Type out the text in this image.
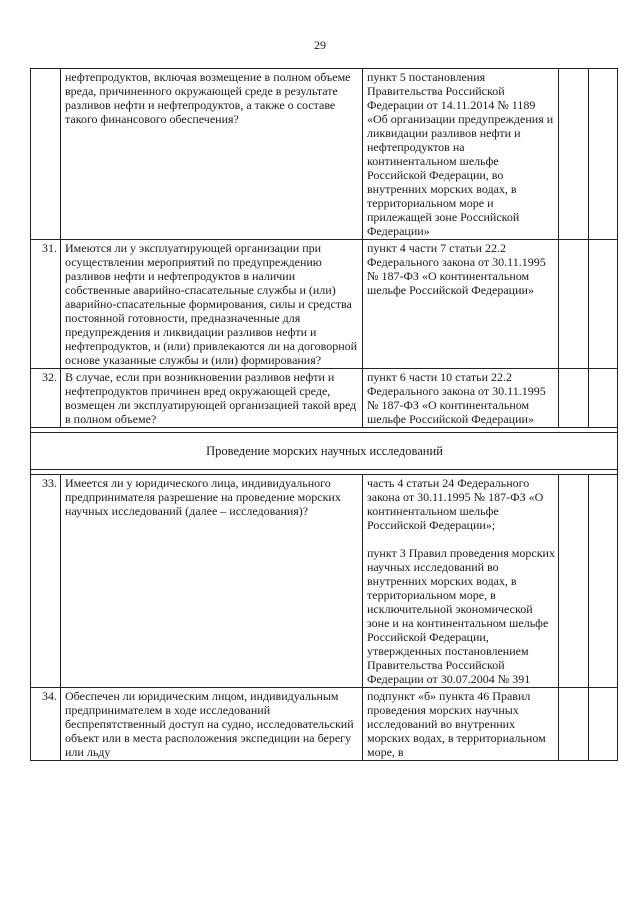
29
	нефтепродуктов, включая возмещение в полном объеме вреда, причиненного окружающей среде в результате разливов нефти и нефтепродуктов, а также о составе такого финансового обеспечения?	пункт 5 постановления Правительства Российской Федерации от 14.11.2014 № 1189 «Об организации предупреждения и ликвидации разливов нефти и нефтепродуктов на континентальном шельфе Российской Федерации, во внутренних морских водах, в территориальном море и прилежащей зоне Российской Федерации»		

31.	Имеются ли у эксплуатирующей организации при осуществлении мероприятий по предупреждению разливов нефти и нефтепродуктов в наличии собственные аварийно-спасательные службы и (или) аварийно-спасательные формирования, силы и средства постоянной готовности, предназначенные для предупреждения и ликвидации разливов нефти и нефтепродуктов, и (или) привлекаются ли на договорной основе указанные службы и (или) формирования?	пункт 4 части 7 статьи 22.2 Федерального закона от 30.11.1995 № 187-ФЗ «О континентальном шельфе Российской Федерации»		

32.	В случае, если при возникновении разливов нефти и нефтепродуктов причинен вред окружающей среде, возмещен ли эксплуатирующей организацией такой вред в полном объеме?	пункт 6 части 10 статьи 22.2 Федерального закона от 30.11.1995 № 187-ФЗ «О континентальном шельфе Российской Федерации»		

Проведение морских научных исследований				

33.	Имеется ли у юридического лица, индивидуального предпринимателя разрешение на проведение морских научных исследований (далее – исследования)?	часть 4 статьи 24 Федерального закона от 30.11.1995 № 187-ФЗ «О континентальном шельфе Российской Федерации»;

пункт 3 Правил проведения морских научных исследований во внутренних морских водах, в территориальном море, в исключительной экономической зоне и на континентальном шельфе Российской Федерации, утвержденных постановлением Правительства Российской Федерации от 30.07.2004 № 391		

34.	Обеспечен ли юридическим лицом, индивидуальным предпринимателем в ходе исследований беспрепятственный доступ на судно, исследовательский объект или в места расположения экспедиции на берегу или льду	подпункт «б» пункта 46 Правил проведения морских научных исследований во внутренних морских водах, в территориальном море, в		
